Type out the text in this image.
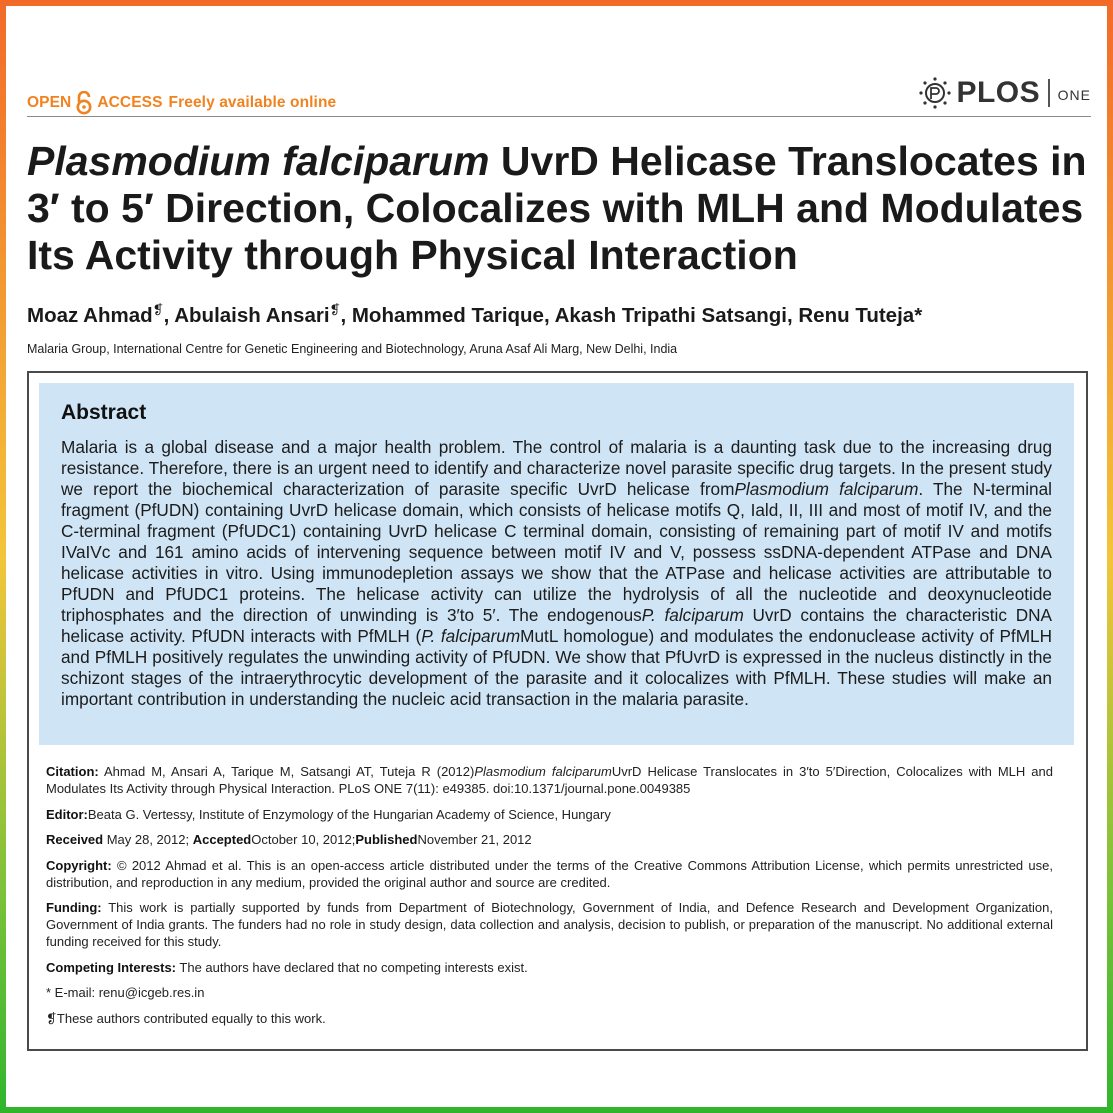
OPEN ACCESS Freely available online	PLOS ONE
Plasmodium falciparum UvrD Helicase Translocates in 3′ to 5′ Direction, Colocalizes with MLH and Modulates Its Activity through Physical Interaction
Moaz Ahmad❡, Abulaish Ansari❡, Mohammed Tarique, Akash Tripathi Satsangi, Renu Tuteja*
Malaria Group, International Centre for Genetic Engineering and Biotechnology, Aruna Asaf Ali Marg, New Delhi, India
Abstract
Malaria is a global disease and a major health problem. The control of malaria is a daunting task due to the increasing drug resistance. Therefore, there is an urgent need to identify and characterize novel parasite specific drug targets. In the present study we report the biochemical characterization of parasite specific UvrD helicase fromPlasmodium falciparum. The N-terminal fragment (PfUDN) containing UvrD helicase domain, which consists of helicase motifs Q, Iald, II, III and most of motif IV, and the C-terminal fragment (PfUDC1) containing UvrD helicase C terminal domain, consisting of remaining part of motif IV and motifs IVaIVc and 161 amino acids of intervening sequence between motif IV and V, possess ssDNA-dependent ATPase and DNA helicase activities in vitro. Using immunodepletion assays we show that the ATPase and helicase activities are attributable to PfUDN and PfUDC1 proteins. The helicase activity can utilize the hydrolysis of all the nucleotide and deoxynucleotide triphosphates and the direction of unwinding is 3′to 5′. The endogenousP. falciparum UvrD contains the characteristic DNA helicase activity. PfUDN interacts with PfMLH (P. falciparumMutL homologue) and modulates the endonuclease activity of PfMLH and PfMLH positively regulates the unwinding activity of PfUDN. We show that PfUvrD is expressed in the nucleus distinctly in the schizont stages of the intraerythrocytic development of the parasite and it colocalizes with PfMLH. These studies will make an important contribution in understanding the nucleic acid transaction in the malaria parasite.

Citation: Ahmad M, Ansari A, Tarique M, Satsangi AT, Tuteja R (2012)Plasmodium falciparumUvrD Helicase Translocates in 3′to 5′Direction, Colocalizes with MLH and Modulates Its Activity through Physical Interaction. PLoS ONE 7(11): e49385. doi:10.1371/journal.pone.0049385

Editor:Beata G. Vertessy, Institute of Enzymology of the Hungarian Academy of Science, Hungary

Received May 28, 2012; AcceptedOctober 10, 2012;PublishedNovember 21, 2012

Copyright: © 2012 Ahmad et al. This is an open-access article distributed under the terms of the Creative Commons Attribution License, which permits unrestricted use, distribution, and reproduction in any medium, provided the original author and source are credited.

Funding: This work is partially supported by funds from Department of Biotechnology, Government of India, and Defence Research and Development Organization, Government of India grants. The funders had no role in study design, data collection and analysis, decision to publish, or preparation of the manuscript. No additional external funding received for this study.

Competing Interests: The authors have declared that no competing interests exist.

* E-mail: renu@icgeb.res.in

❡These authors contributed equally to this work.
